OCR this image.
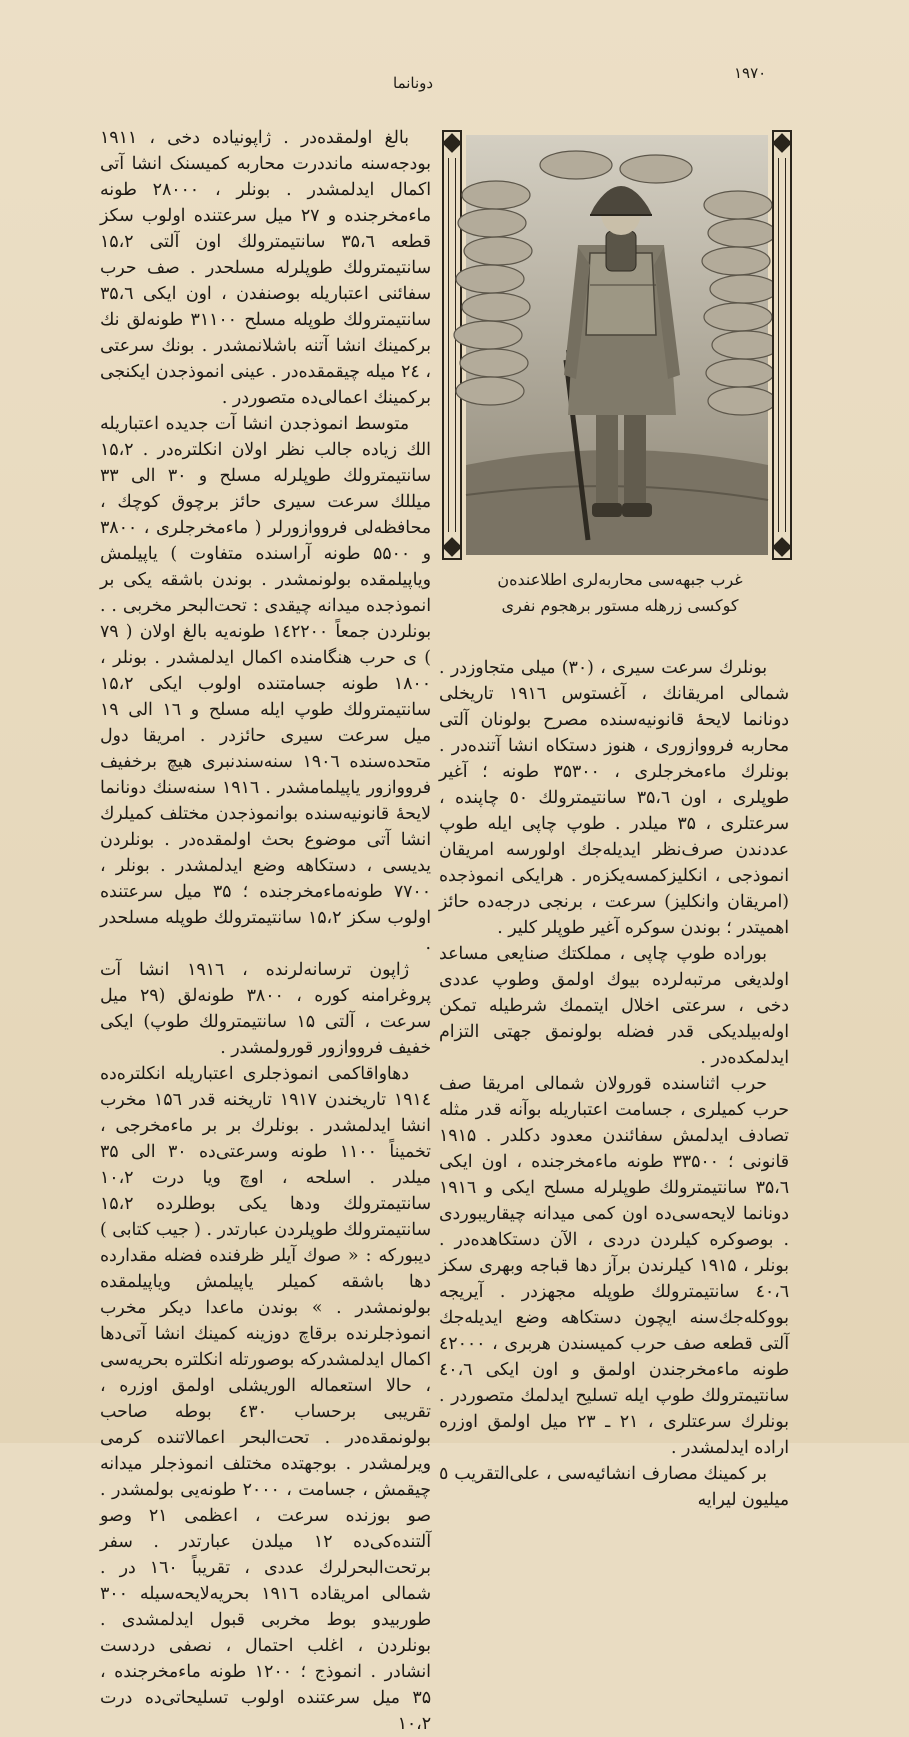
١٩٧٠
دونانما
غرب جبهه‌سی محاربه‌لری اطلاعنده‌ن
کوکسی زرهله مستور برهجوم نفری

بالغ اولمقده‌در . ژاپونیاده دخی ، ۱۹۱۱ بودجه‌سنه مانددرت محاربه کمیسنک انشا آتی اکمال ایدلمشدر . بونلر ، ۲۸۰۰۰ طونه ماءمخرجنده و ۲۷ میل سرعتنده اولوب سکز قطعه ۳۵،٦ سانتیمترولك اون آلتی ۱۵،۲ سانتیمترولك طوپلرله مسلحدر . صف حرب سفائنی اعتباریله بوصنفدن ، اون ایکی ۳۵،٦ سانتیمترولك طوپله مسلح ۳۱۱۰۰ طونه‌لق نك برکمینك انشا آتنه باشلانمشدر . بونك سرعتی ، ۲٤ میله چیقمقده‌در . عینی انموذجدن ایکنجی برکمینك اعمالی‌ده متصوردر .

متوسط انموذجدن انشا آت جدیده اعتباریله الك زیاده جالب نظر اولان انکلتره‌در . ۱۵،۲ سانتیمترولك طوپلرله مسلح و ۳۰ الی ۳۳ میللك سرعت سیری حائز برچوق کوچك ، محافظه‌لی فرووازورلر ( ماءمخرجلری ، ۳۸۰۰ و ۵۵۰۰ طونه آراسنده متفاوت ) یاپیلمش ویاپیلمقده بولونمشدر . بوندن باشقه یکی بر انموذجده میدانه چیقدی : تحت‌البحر مخربی . . بونلردن جمعاً ۱٤۲۲۰۰ طونه‌یه بالغ اولان ( ۷۹ ) ی حرب هنگامنده اکمال ایدلمشدر . بونلر ، ۱۸۰۰ طونه جسامتنده اولوب ایکی ۱۵،۲ سانتیمترولك طوپ ایله مسلح و ۱٦ الی ۱۹ میل سرعت سیری حائزدر . امریقا دول متحده‌سنده ۱۹۰٦ سنه‌سندنبری هیچ برخفیف فرووازور یاپیلمامشدر . ۱۹۱٦ سنه‌سنك دونانما لایحهٔ قانونیه‌سنده بوانموذجدن مختلف کمیلرك انشا آتی موضوع بحث اولمقده‌در . بونلردن یدیسی ، دستکاهه وضع ایدلمشدر . بونلر ، ۷۷۰۰ طونه‌ماءمخرجنده ؛ ۳۵ میل سرعتنده اولوب سکز ۱۵،۲ سانتیمترولك طوپله مسلحدر .

ژاپون ترسانه‌لرنده ، ۱۹۱٦ انشا آت پروغرامنه کوره ، ۳۸۰۰ طونه‌لق (۲۹ میل سرعت ، آلتی ۱۵ سانتیمترولك طوپ) ایکی خفیف فرووازور قورولمشدر .

دهاواقاکمی انموذجلری اعتباریله انکلتره‌ده ۱۹۱٤ تاریخندن ۱۹۱۷ تاریخنه قدر ۱۵٦ مخرب انشا ایدلمشدر . بونلرك بر بر ماءمخرجی ، تخمیناً ۱۱۰۰ طونه وسرعتی‌ده ۳۰ الی ۳۵ میلدر . اسلحه ، اوچ ویا درت ۱۰،۲ سانتیمترولك ودها یکی بوطلرده ۱۵،۲ سانتیمترولك طوپلردن عبارتدر . ( جیب کتابی ) دیبورکه : « صوك آیلر ظرفنده فضله مقدارده دها باشقه کمیلر یاپیلمش ویاپیلمقده بولونمشدر . » بوندن ماعدا دیکر مخرب انموذجلرنده برقاچ دوزینه کمینك انشا آتی‌دها اکمال ایدلمشدرکه بوصورتله انکلتره بحریه‌سی ، حالا استعماله الوریشلی اولمق اوزره ، تقریبی برحساب ٤۳۰ بوطه صاحب بولونمقده‌در . تحت‌البحر اعمالاتنده کرمی ویرلمشدر . بوجهتده مختلف انموذجلر میدانه چیقمش ، جسامت ، ۲۰۰۰ طونه‌یی بولمشدر . صو بوزنده سرعت ، اعظمی ۲۱ وصو آلتنده‌کی‌ده ۱۲ میلدن عبارتدر . سفر برتحت‌البحرلرك عددی ، تقریباً ۱٦۰ در . شمالی امریقاده ۱۹۱٦ بحریه‌لایحه‌سیله ۳۰۰ طوربیدو بوط مخربی قبول ایدلمشدی . بونلردن ، اغلب احتمال ، نصفی دردست انشادر . انموذج ؛ ۱۲۰۰ طونه ماءمخرجنده ، ۳۵ میل سرعتنده اولوب تسلیحاتی‌ده درت ۱۰،۲

بونلرك سرعت سیری ، (۳۰) میلی متجاوزدر . شمالی امریقانك ، آغستوس ۱۹۱٦ تاریخلی دونانما لایحهٔ قانونیه‌سنده مصرح بولونان آلتی محاربه فرووازوری ، هنوز دستکاه انشا آتنده‌در . بونلرك ماءمخرجلری ، ۳۵۳۰۰ طونه ؛ آغیر طوپلری ، اون ۳۵،٦ سانتیمترولك ٥۰ چاپنده ، سرعتلری ، ۳۵ میلدر . طوپ چاپی ایله طوپ عددندن صرف‌نظر ایدیله‌جك اولورسه امریقان انموذجی ، انکلیزکمسه‌یکزه‌ر . هرایکی انموذجده (امریقان وانکلیز) سرعت ، برنجی درجه‌ده حائز اهمیتدر ؛ بوندن سوکره آغیر طوپلر کلیر .

بوراده طوپ چاپی ، مملکتك صنایعی مساعد اولدیغی مرتبه‌لرده بیوك اولمق وطوپ عددی دخی ، سرعتی اخلال ایتممك شرطیله تمکن اوله‌بیلدیکی قدر فضله بولونمق جهتی التزام ایدلمکده‌در .

حرب اثناسنده قورولان شمالی امریقا صف حرب کمیلری ، جسامت اعتباریله بوآنه قدر مثله تصادف ایدلمش سفائندن معدود دکلدر . ۱۹۱۵ قانونی ؛ ۳۳۵۰۰ طونه ماءمخرجنده ، اون ایکی ۳۵،٦ سانتیمترولك طوپلرله مسلح ایکی و ۱۹۱٦ دونانما لایحه‌سی‌ده اون کمی میدانه چیقاریبوردی . بوصوکره کیلردن دردی ، الآن دستکاهده‌در . بونلر ، ۱۹۱۵ کیلرندن برآز دها قباجه وبهری سکز ٤۰،٦ سانتیمترولك طوپله مجهزدر . آیریجه بووکله‌جك‌سنه ایچون دستکاهه وضع ایدیله‌جك آلتی قطعه صف حرب کمیسندن هربری ، ٤۲۰۰۰ طونه ماءمخرجندن اولمق و اون ایکی ٤۰،٦ سانتیمترولك طوپ ایله تسلیح ایدلمك متصوردر . بونلرك سرعتلری ، ۲۱ ـ ۲۳ میل اولمق اوزره اراده ایدلمشدر .

بر کمینك مصارف انشائیه‌سی ، علی‌التقریب ٥ میلیون لیرایه
